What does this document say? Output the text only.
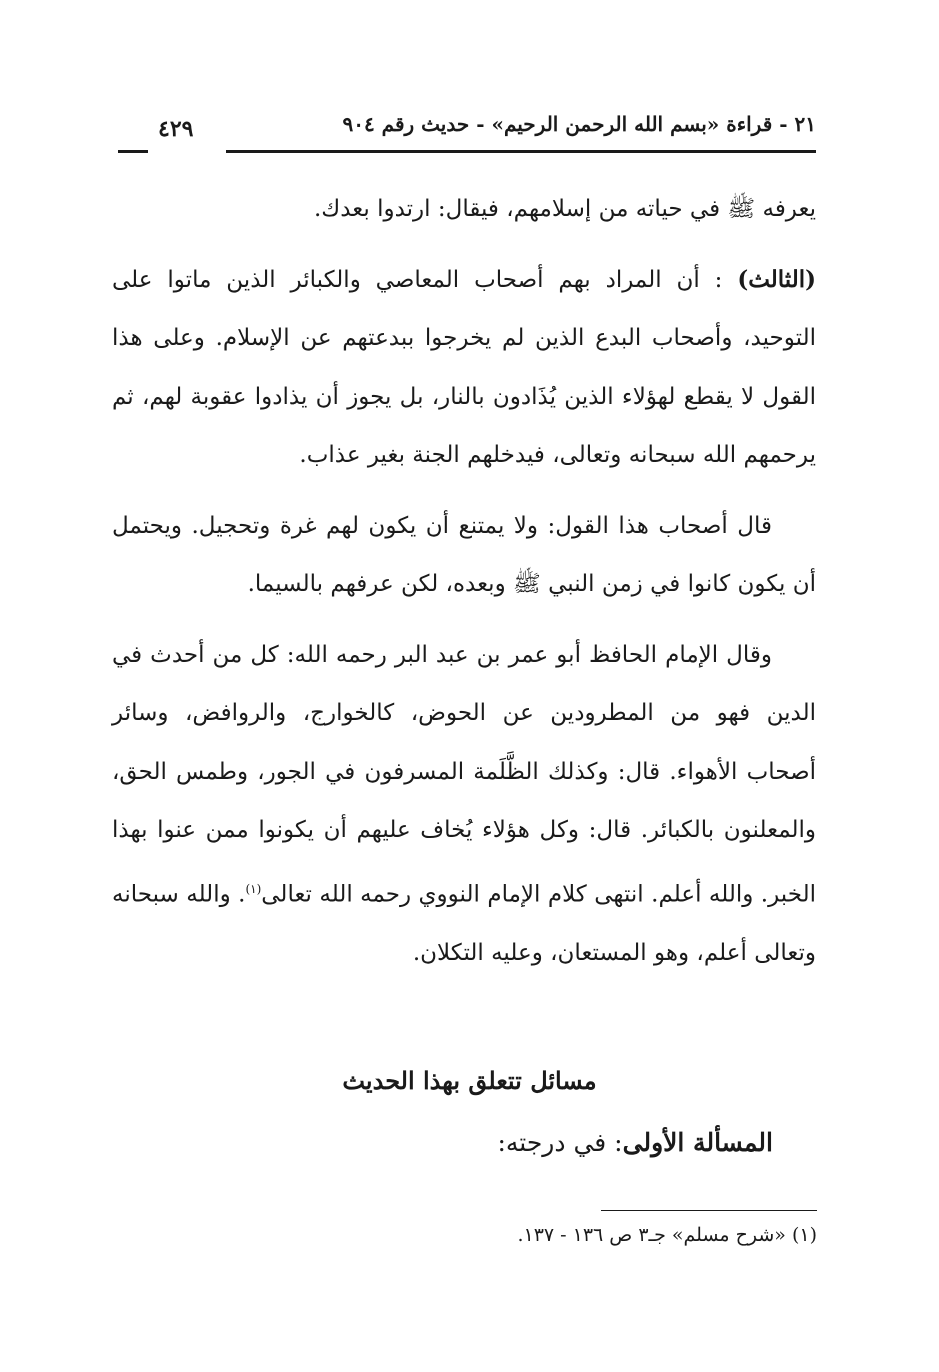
٢١ - قراءة «بسم الله الرحمن الرحيم» - حديث رقم ٩٠٤
٤٢٩

يعرفه ﷺ في حياته من إسلامهم، فيقال: ارتدوا بعدك.

(الثالث) : أن المراد بهم أصحاب المعاصي والكبائر الذين ماتوا على التوحيد، وأصحاب البدع الذين لم يخرجوا ببدعتهم عن الإسلام. وعلى هذا القول لا يقطع لهؤلاء الذين يُذَادون بالنار، بل يجوز أن يذادوا عقوبة لهم، ثم يرحمهم الله سبحانه وتعالى، فيدخلهم الجنة بغير عذاب.

قال أصحاب هذا القول: ولا يمتنع أن يكون لهم غرة وتحجيل. ويحتمل أن يكون كانوا في زمن النبي ﷺ وبعده، لكن عرفهم بالسيما.

وقال الإمام الحافظ أبو عمر بن عبد البر رحمه الله: كل من أحدث في الدين فهو من المطرودين عن الحوض، كالخوارج، والروافض، وسائر أصحاب الأهواء. قال: وكذلك الظَّلَمة المسرفون في الجور، وطمس الحق، والمعلنون بالكبائر. قال: وكل هؤلاء يُخاف عليهم أن يكونوا ممن عنوا بهذا الخبر. والله أعلم. انتهى كلام الإمام النووي رحمه الله تعالى$^{(١)}$. والله سبحانه وتعالى أعلم، وهو المستعان، وعليه التكلان.

مسائل تتعلق بهذا الحديث
المسألة الأولى: في درجته:
(١) «شرح مسلم» جـ٣ ص ١٣٦ - ١٣٧.
